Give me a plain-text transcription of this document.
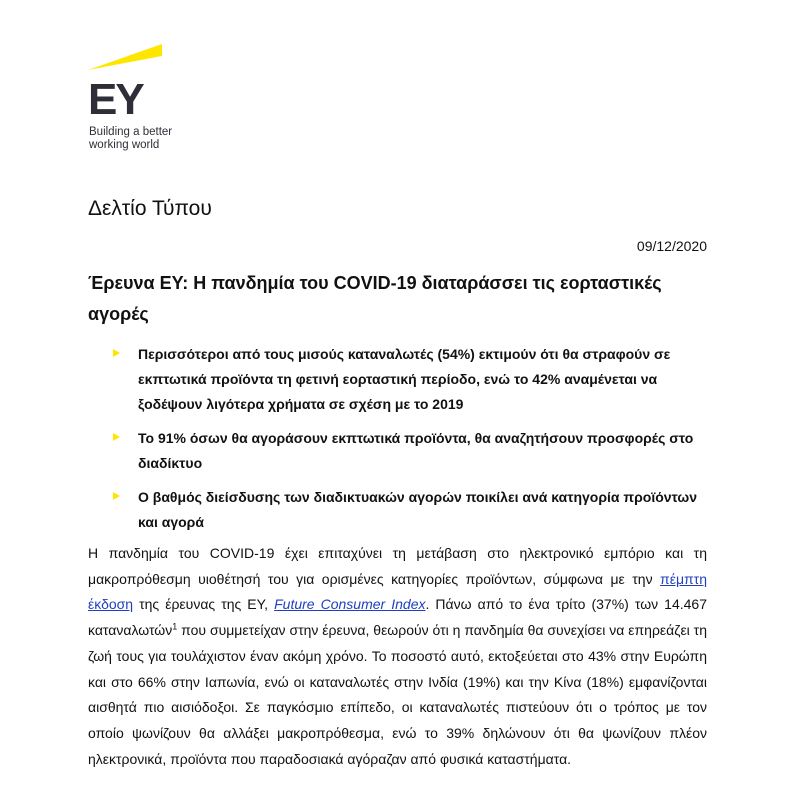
EY
Building a better
working world
Δελτίο Τύπου
09/12/2020
Έρευνα EY: Η πανδημία του COVID-19 διαταράσσει τις εορταστικές αγορές
Περισσότεροι από τους μισούς καταναλωτές (54%) εκτιμούν ότι θα στραφούν σε εκπτωτικά προϊόντα τη φετινή εορταστική περίοδο, ενώ το 42% αναμένεται να ξοδέψουν λιγότερα χρήματα σε σχέση με το 2019
Το 91% όσων θα αγοράσουν εκπτωτικά προϊόντα, θα αναζητήσουν προσφορές στο διαδίκτυο
Ο βαθμός διείσδυσης των διαδικτυακών αγορών ποικίλει ανά κατηγορία προϊόντων και αγορά
Η πανδημία του COVID-19 έχει επιταχύνει τη μετάβαση στο ηλεκτρονικό εμπόριο και τη μακροπρόθεσμη υιοθέτησή του για ορισμένες κατηγορίες προϊόντων, σύμφωνα με την πέμπτη έκδοση της έρευνας της EY, Future Consumer Index. Πάνω από το ένα τρίτο (37%) των 14.467 καταναλωτών$^1$ που συμμετείχαν στην έρευνα, θεωρούν ότι η πανδημία θα συνεχίσει να επηρεάζει τη ζωή τους για τουλάχιστον έναν ακόμη χρόνο. Το ποσοστό αυτό, εκτοξεύεται στο 43% στην Ευρώπη και στο 66% στην Ιαπωνία, ενώ οι καταναλωτές στην Ινδία (19%) και την Κίνα (18%) εμφανίζονται αισθητά πιο αισιόδοξοι. Σε παγκόσμιο επίπεδο, οι καταναλωτές πιστεύουν ότι ο τρόπος με τον οποίο ψωνίζουν θα αλλάξει μακροπρόθεσμα, ενώ το 39% δηλώνουν ότι θα ψωνίζουν πλέον ηλεκτρονικά, προϊόντα που παραδοσιακά αγόραζαν από φυσικά καταστήματα.
